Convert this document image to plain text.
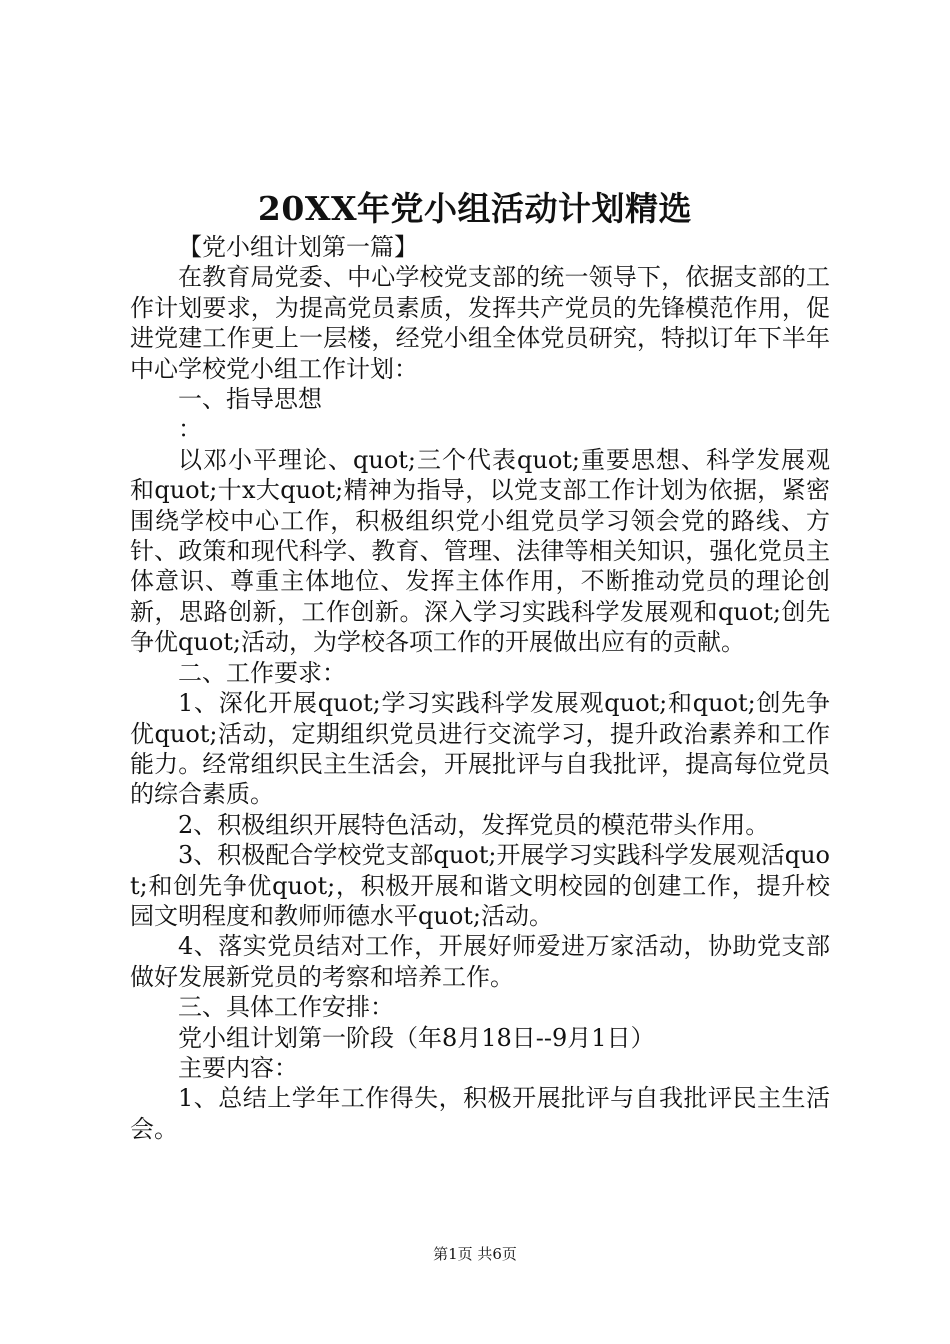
20XX年党小组活动计划精选

【党小组计划第一篇】

在教育局党委、中心学校党支部的统一领导下，依据支部的工作计划要求，为提高党员素质，发挥共产党员的先锋模范作用，促进党建工作更上一层楼，经党小组全体党员研究，特拟订年下半年中心学校党小组工作计划：

一、指导思想

：

以邓小平理论、quot;三个代表quot;重要思想、科学发展观和quot;十x大quot;精神为指导，以党支部工作计划为依据，紧密围绕学校中心工作，积极组织党小组党员学习领会党的路线、方针、政策和现代科学、教育、管理、法律等相关知识，强化党员主体意识、尊重主体地位、发挥主体作用，不断推动党员的理论创新，思路创新，工作创新。深入学习实践科学发展观和quot;创先争优quot;活动，为学校各项工作的开展做出应有的贡献。

二、工作要求：

1、深化开展quot;学习实践科学发展观quot;和quot;创先争优quot;活动，定期组织党员进行交流学习，提升政治素养和工作能力。经常组织民主生活会，开展批评与自我批评，提高每位党员的综合素质。

2、积极组织开展特色活动，发挥党员的模范带头作用。

3、积极配合学校党支部quot;开展学习实践科学发展观活quot;和创先争优quot;，积极开展和谐文明校园的创建工作，提升校园文明程度和教师师德水平quot;活动。

4、落实党员结对工作，开展好师爱进万家活动，协助党支部做好发展新党员的考察和培养工作。

三、具体工作安排：

党小组计划第一阶段（年8月18日--9月1日）

主要内容：

1、总结上学年工作得失，积极开展批评与自我批评民主生活会。

第1页 共6页
